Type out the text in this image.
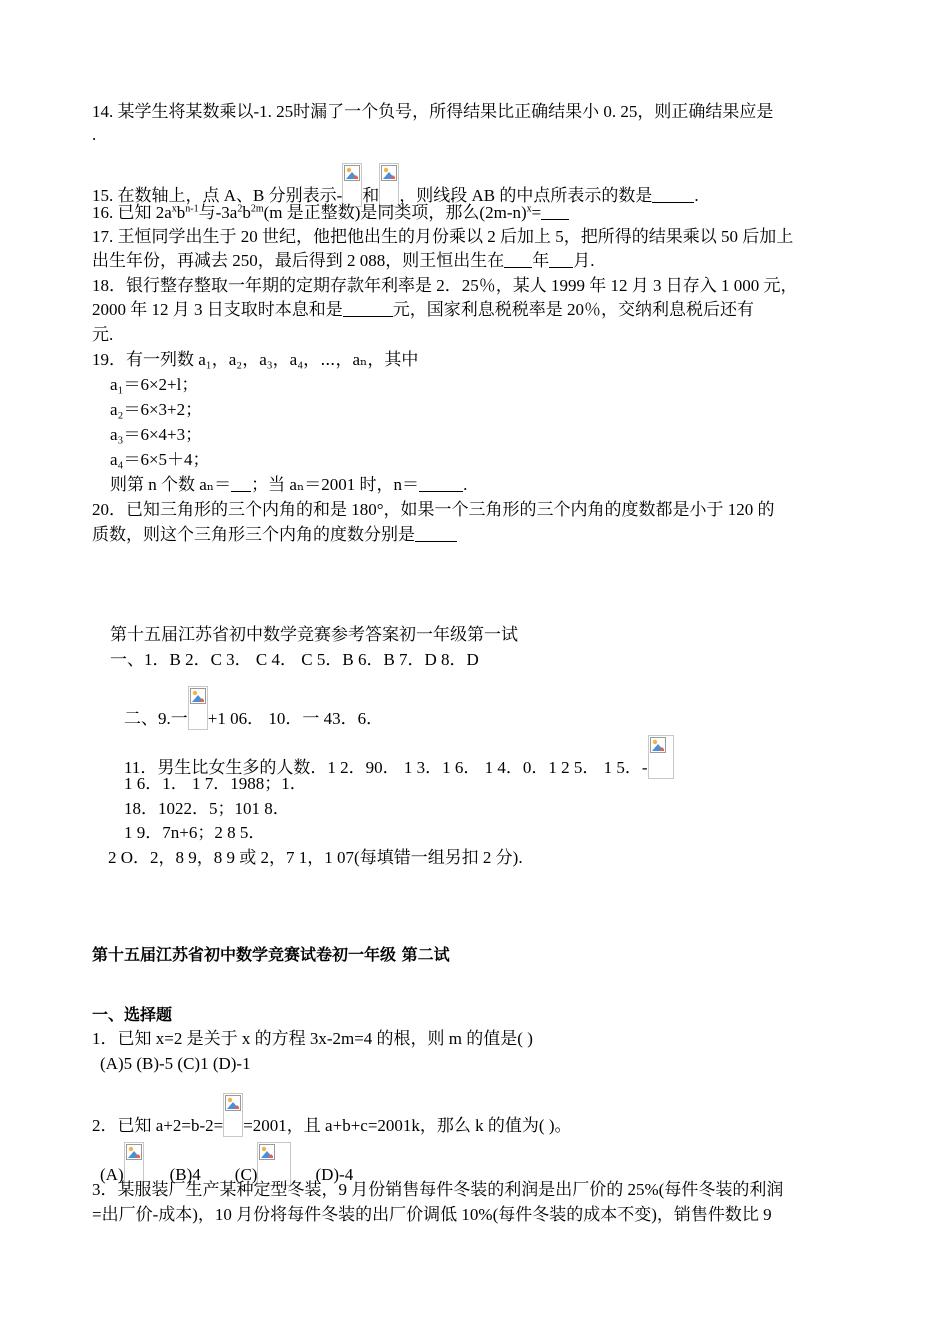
14. 某学生将某数乘以-1. 25时漏了一个负号，所得结果比正确结果小 0. 25，则正确结果应是
.
15. 在数轴上，点 A、B 分别表示- 和 ，则线段 AB 的中点所表示的数是 .
16. 已知 $2a^xb^{n-1}$与$-3a^2b^{2m}(m$ 是正整数)是同类项，那么$(2m-n)^x=$
17. 王恒同学出生于 20 世纪，他把他出生的月份乘以 2 后加上 5，把所得的结果乘以 50 后加上
出生年份，再减去 250，最后得到 2 088，则王恒出生在 年 月.
18．银行整存整取一年期的定期存款年利率是 2．25％，某人 1999 年 12 月 3 日存入 1 000 元，
2000 年 12 月 3 日支取时本息和是	元，国家利息税税率是 20％，交纳利息税后还有
元.
19．有一列数 a₁，a₂，a₃，a₄，⋯，aₙ，其中
a₁＝6×2+l；
a₂＝6×3+2；
a₃＝6×4+3；
a₄＝6×5＋4；
则第 n 个数 aₙ＝ ；当 aₙ＝2001 时，n＝	.
20．已知三角形的三个内角的和是 180°，如果一个三角形的三个内角的度数都是小于 120 的
质数，则这个三角形三个内角的度数分别是
第十五届江苏省初中数学竞赛参考答案初一年级第一试
一、1．B 2．C 3． C 4． C 5．B 6．B 7．D 8．D
二、9.一 +1 06． 10．一 43．6．
11．男生比女生多的人数．1 2．90． 1 3．1 6． 1 4．0．1 2 5． 1 5．-
1 6．1． 1 7．1988；1．
18．1022．5；101 8．
1 9．7n+6；2 8 5．
2 O．2，8 9，8 9 或 2，7 1，1 07(每填错一组另扣 2 分).
第十五届江苏省初中数学竞赛试卷初一年级 第二试
一、选择题
1．已知 x=2 是关于 x 的方程 3x-2m=4 的根，则 m 的值是( )
(A)5 (B)-5 (C)1 (D)-1
2．已知 a+2=b-2= =2001，且 a+b+c=2001k，那么 k 的值为( )。
(A)	(B)4 (C)	(D)-4
3．某服装厂生产某种定型冬装，9 月份销售每件冬装的利润是出厂价的 25%(每件冬装的利润
=出厂价-成本)，10 月份将每件冬装的出厂价调低 10%(每件冬装的成本不变)，销售件数比 9
